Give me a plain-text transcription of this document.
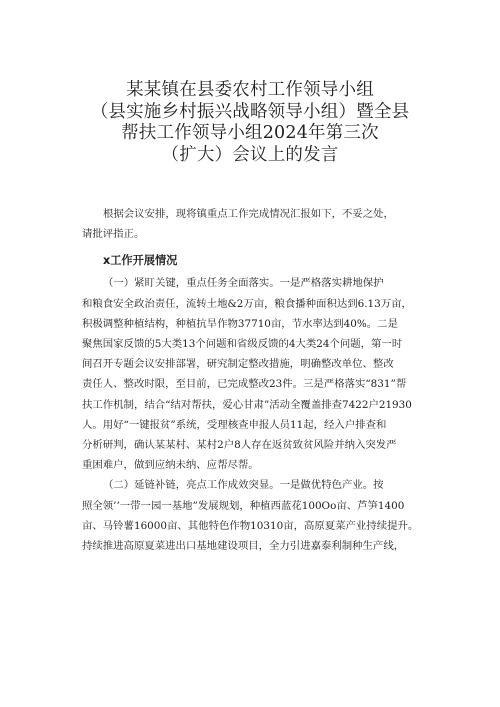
某某镇在县委农村工作领导小组
（县实施乡村振兴战略领导小组）暨全县
帮扶工作领导小组2024年第三次
（扩大）会议上的发言
根据会议安排，现将镇重点工作完成情况汇报如下，不妥之处，
请批评指正。
x工作开展情况
（一）紧盯关键，重点任务全面落实。一是严格落实耕地保护
和粮食安全政治责任，流转土地&2万亩，粮食播种面积达到6.13万亩，
积极调整种植结构，种植抗旱作物37710亩，节水率达到40%。二是
聚焦国家反馈的5大类13个问题和省级反馈的4大类24个问题，第一时
间召开专题会议安排部署，研究制定整改措施，明确整改单位、整改
责任人、整改时限，至目前，已完成整改23件。三是严格落实“831”帮
扶工作机制，结合“结对帮扶，爱心甘肃”活动全覆盖排查7422户21930
人。用好“一键报贫”系统，受理核查申报人员11起，经入户排查和
分析研判，确认某某村、某村2户8人存在返贫致贫风险并纳入突发严
重困难户，做到应纳未纳、应帮尽帮。
（二）延链补链，亮点工作成效突显。一是做优特色产业。按
照全领’’一带一园一基地”发展规划，种植西蓝花100Oo亩、芦笋1400
亩、马铃薯16000亩、其他特色作物10310亩，高原夏菜产业持续提升。
持续推进高原夏菜进出口基地建设项目，全力引进嘉泰利制种生产线，
